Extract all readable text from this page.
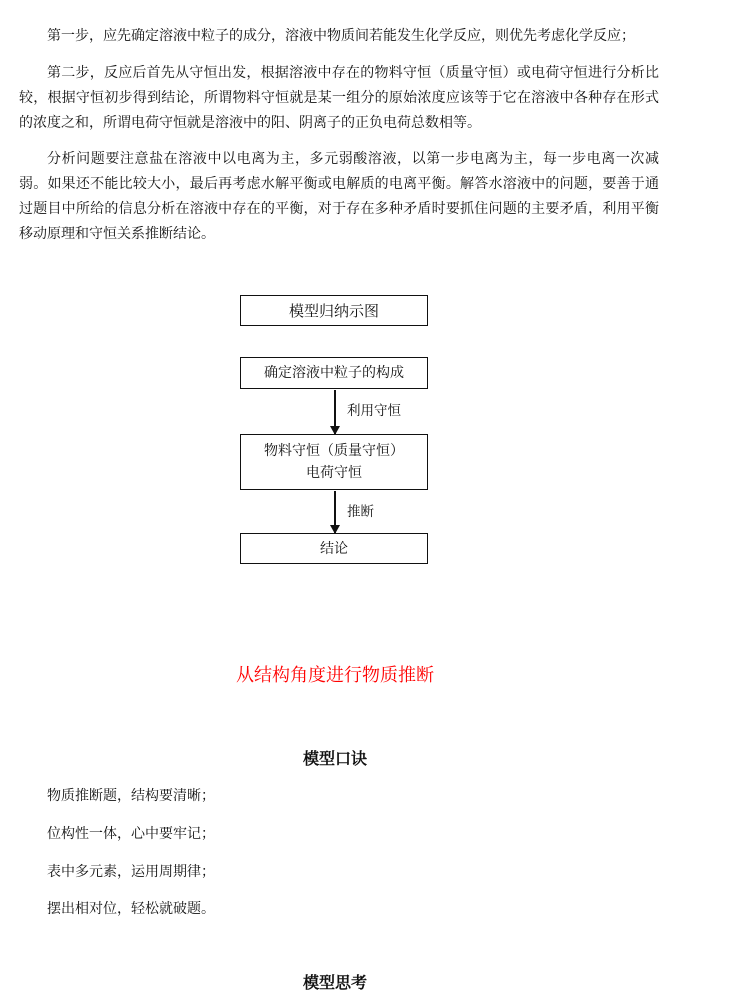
第一步，应先确定溶液中粒子的成分，溶液中物质间若能发生化学反应，则优先考虑化学反应；

第二步，反应后首先从守恒出发，根据溶液中存在的物料守恒（质量守恒）或电荷守恒进行分析比较，根据守恒初步得到结论，所谓物料守恒就是某一组分的原始浓度应该等于它在溶液中各种存在形式的浓度之和，所谓电荷守恒就是溶液中的阳、阴离子的正负电荷总数相等。

分析问题要注意盐在溶液中以电离为主，多元弱酸溶液，以第一步电离为主，每一步电离一次减弱。如果还不能比较大小，最后再考虑水解平衡或电解质的电离平衡。解答水溶液中的问题，要善于通过题目中所给的信息分析在溶液中存在的平衡，对于存在多种矛盾时要抓住问题的主要矛盾，利用平衡移动原理和守恒关系推断结论。

模型归纳示图
确定溶液中粒子的构成
利用守恒
物料守恒（质量守恒）
电荷守恒
推断
结论
从结构角度进行物质推断
模型口诀
物质推断题，结构要清晰；
位构性一体，心中要牢记；
表中多元素，运用周期律；
摆出相对位，轻松就破题。
模型思考
